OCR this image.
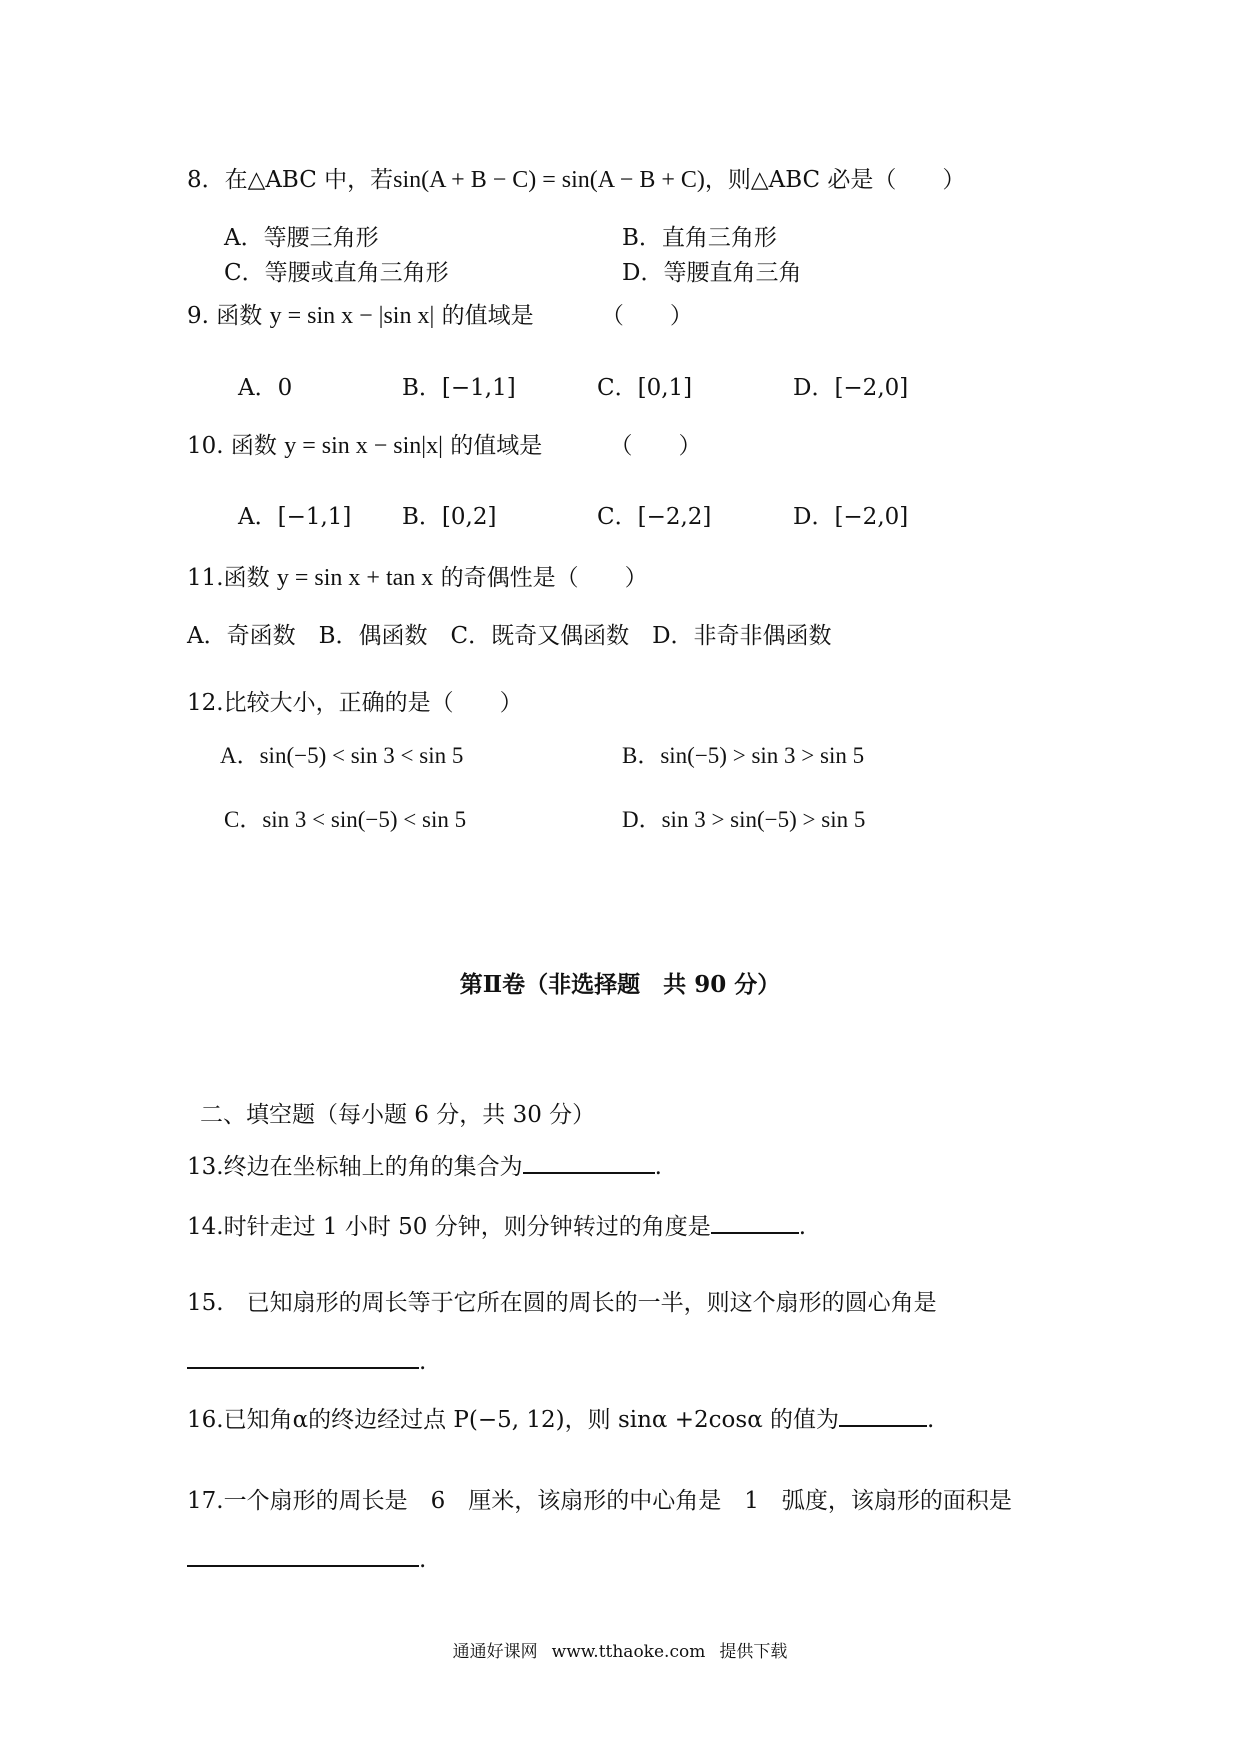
8．在△ABC 中，若sin(A + B − C) = sin(A − B + C)，则△ABC 必是（　　）
A．等腰三角形	B．直角三角形
C．等腰或直角三角形	D．等腰直角三角
9. 函数 y = sin x − |sin x| 的值域是	（　　）
A．0	B．[−1,1]	C．[0,1]	D．[−2,0]
10. 函数 y = sin x − sin|x| 的值域是	（　　）
A．[−1,1] B．[0,2]	C．[−2,2]	D．[−2,0]
11.函数 y = sin x + tan x 的奇偶性是（　　）
A．奇函数　B．偶函数　C．既奇又偶函数　D．非奇非偶函数
12.比较大小，正确的是（　　）
A．sin(−5) < sin 3 < sin 5	B．sin(−5) > sin 3 > sin 5
C．sin 3 < sin(−5) < sin 5	D．sin 3 > sin(−5) > sin 5
第Ⅱ卷（非选择题　共 90 分）
二、填空题（每小题 6 分，共 30 分）
13.终边在坐标轴上的角的集合为	.
14.时针走过 1 小时 50 分钟，则分钟转过的角度是	.
15.　已知扇形的周长等于它所在圆的周长的一半，则这个扇形的圆心角是
.
16.已知角α的终边经过点 P(−5, 12)，则 sinα +2cosα 的值为	.
17.一个扇形的周长是　6　厘米，该扇形的中心角是　1　弧度，该扇形的面积是
.
通通好课网 www.tthaoke.com 提供下载
